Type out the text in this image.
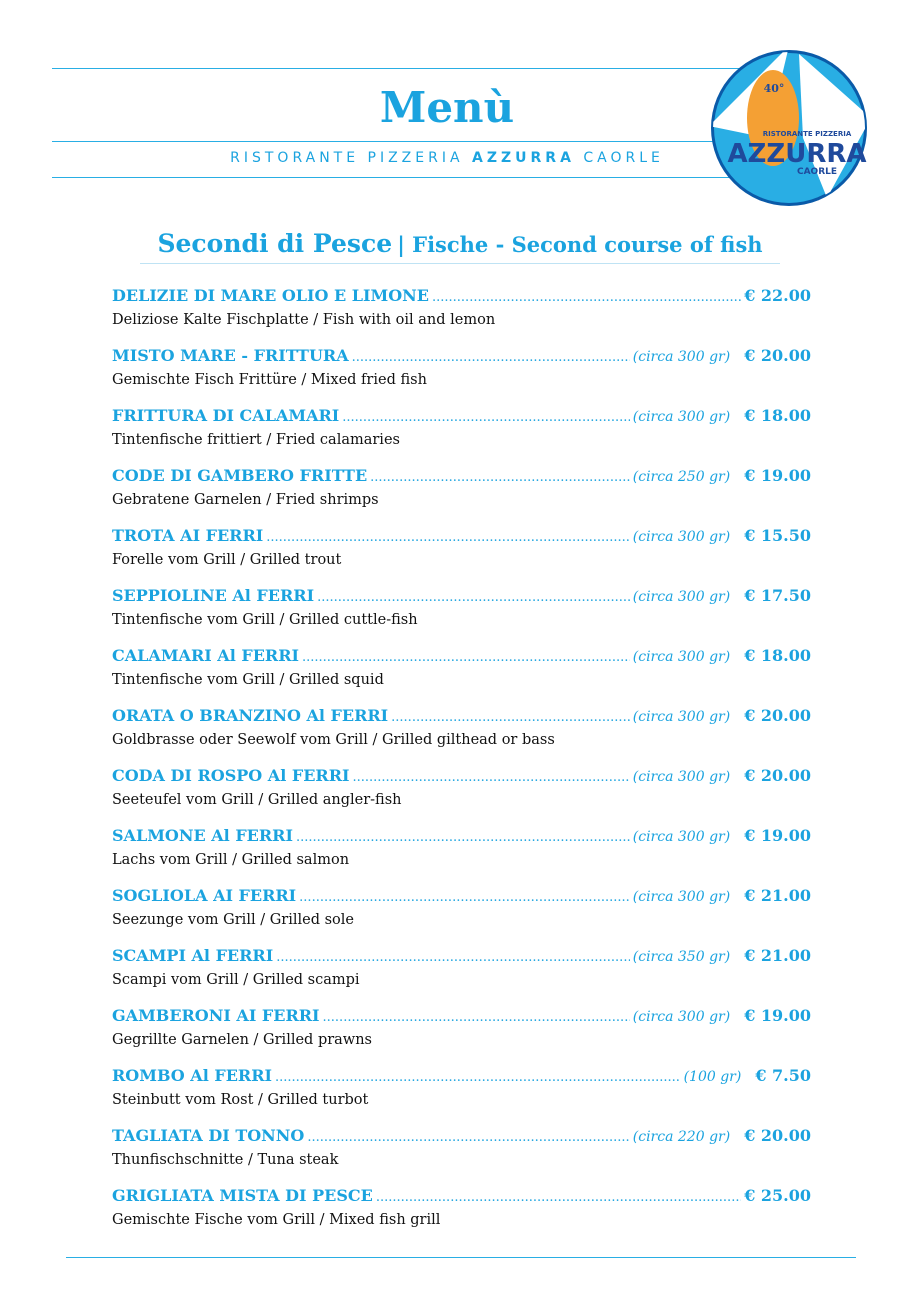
Menù
RISTORANTE PIZZERIA AZZURRA CAORLE
40°
RISTORANTE PIZZERIA
AZZURRA
CAORLE
Secondi di Pesce | Fische - Second course of fish
DELIZIE DI MARE OLIO E LIMONE .....	€ 22.00
Deliziose Kalte Fischplatte / Fish with oil and lemon
MISTO MARE - FRITTURA .....	(circa 300 gr) € 20.00
Gemischte Fisch Frittüre / Mixed fried fish
FRITTURA DI CALAMARI .....	(circa 300 gr) € 18.00
Tintenfische frittiert / Fried calamaries
CODE DI GAMBERO FRITTE .....	(circa 250 gr) € 19.00
Gebratene Garnelen / Fried shrimps
TROTA AI FERRI .....	(circa 300 gr) € 15.50
Forelle vom Grill / Grilled trout
SEPPIOLINE Al FERRI .....	(circa 300 gr) € 17.50
Tintenfische vom Grill / Grilled cuttle-fish
CALAMARI Al FERRI .....	(circa 300 gr) € 18.00
Tintenfische vom Grill / Grilled squid
ORATA O BRANZINO Al FERRI .....	(circa 300 gr) € 20.00
Goldbrasse oder Seewolf vom Grill / Grilled gilthead or bass
CODA DI ROSPO Al FERRI .....	(circa 300 gr) € 20.00
Seeteufel vom Grill / Grilled angler-fish
SALMONE Al FERRI .....	(circa 300 gr) € 19.00
Lachs vom Grill / Grilled salmon
SOGLIOLA AI FERRI .....	(circa 300 gr) € 21.00
Seezunge vom Grill / Grilled sole
SCAMPI Al FERRI .....	(circa 350 gr) € 21.00
Scampi vom Grill / Grilled scampi
GAMBERONI AI FERRI .....	(circa 300 gr) € 19.00
Gegrillte Garnelen / Grilled prawns
ROMBO Al FERRI .....	(100 gr) € 7.50
Steinbutt vom Rost / Grilled turbot
TAGLIATA DI TONNO .....	(circa 220 gr) € 20.00
Thunfischschnitte / Tuna steak
GRIGLIATA MISTA DI PESCE .....	€ 25.00
Gemischte Fische vom Grill / Mixed fish grill
